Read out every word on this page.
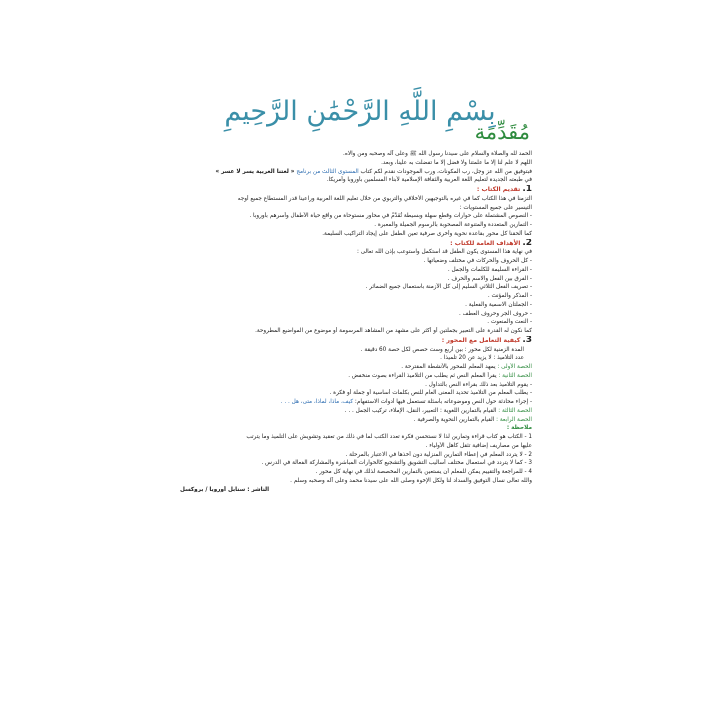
بِسْمِ اللَّهِ الرَّحْمَٰنِ الرَّحِيمِ
مُقَدِّمَة

الحمد لله والصلاة والسلام على سيدنا رسول الله ﷺ وعلى آله وصحبه ومن والاه.

اللهم لا علم لنا إلا ما علمتنا ولا فضل إلا ما تفضلت به علينا، وبعد.

فبتوفيق من الله عز وجل، رب المكونات، ورب الموجودات نقدم لكم كتاب المستوى الثالث من برنامج « لغتنا العربية يسر لا عسر »

في طبعته الجديدة لتعليم اللغة العربية والثقافة الإسلامية لأبناء المسلمين بأوروبا وأمريكا.

1. تقديم الكتاب :

التزمنا في هذا الكتاب كما في غيره بالتوجيهين الأخلاقي والتربوي من خلال تعليم اللغة العربية وراعينا قدر المستطاع جميع أوجه

التيسير على جميع المستويات :

- النصوص المشتملة على حوارات وقطع سهلة وبسيطة تُقَدَّمُ في محاور مستوحاة من واقع حياة الأطفال وأسرهم بأوروبا .

- التمارين المتعددة والمتنوعة المصحوبة بالرسوم الجميلة والمعبرة .

كما ألحقنا كل محور بقاعدة نحوية وأخرى صرفية تعين الطفل على إيجاد التراكيب السليمة.

2. الأهداف العامة للكتاب :

في نهاية هذا المستوى يكون الطفل قد استكمل واستوعب بإذن الله تعالى :

- كل الحروف والحركات في مختلف وضعياتها .

- القراءة السليمة للكلمات والجمل .

- الفرق بين الفعل والاسم والحرف .

- تصريف الفعل الثلاثي السليم إلى كل الأزمنة باستعمال جميع الضمائر .

- المذكر والمؤنث .

- الجملتان الاسمية والفعلية .

- حروف الجر وحروف العطف .

- النعت والمنعوت .

كما نكون له القدرة على التعبير بجملتين أو أكثر على مشهد من المشاهد المرسومة أو موضوع من المواضيع المطروحة.

3. كيفية التعامل مع المحور :

المدة الزمنية لكل محور : بين أربع وست حصص لكل حصة 60 دقيقة .

عدد التلاميذ : لا يزيد عن 20 تلميذا .

الحصة الأولى : يمهد المعلم للمحور بالأنشطة المقترحة .

الحصة الثانية : يقرأ المعلم النص ثم يطلب من التلاميذ القراءة بصوت منخفض .

- يقوم التلاميذ بعد ذلك بقراءة النص بالتداول .

- يطلب المعلم من التلاميذ تحديد المعنى العام للنص بكلمات أساسية أو جملة أو فكرة .

- إجراء محادثة حول النص وموضوعاته بأسئلة تستعمل فيها أدوات الاستفهام: كيف، ماذا، لماذا، متى، هل . . .

الحصة الثالثة : القيام بالتمارين اللغوية : التعبير، النقل، الإملاء، تركيب الجمل . . .

الحصة الرابعة : القيام بالتمارين النحوية والصرفية .

ملاحظة :

1 - الكتاب هو كتاب قراءة وتمارين لذا لا نستحسن فكرة تعدد الكتب لما في ذلك من تعقيد وتشويش على التلميذ وما يترتب

عليها من مصاريف إضافية تثقل كاهل الأولياء .

2 - لا يتردد المعلم في إعطاء التمارين المنزلية دون أخذها في الاعتبار بالمرحلة .

3 - كما لا يتردد في استعمال مختلف أساليب التشويق والتشجيع كالحوارات المباشرة والمشاركة الفعالة في الدرس .

4 - للمراجعة والتقييم يمكن للمعلم أن يستعين بالتمارين المخصصة لذلك في نهاية كل محور .

والله تعالى نسأل التوفيق والسداد لنا ولكل الإخوة وصلى الله على سيدنا محمد وعلى آله وصحبه وسلم .

الناشر : سنابل أوروبا / بروكسل
